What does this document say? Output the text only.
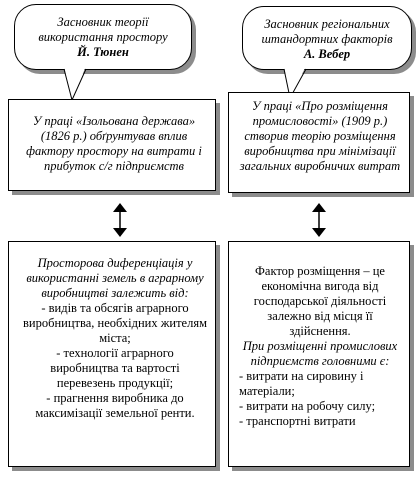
Засновник теорії використання простору
Й. Тюнен
Засновник регіональних штандортних факторів
А. Вебер
У праці «Ізольована держава» (1826 р.) обґрунтував вплив фактору простору на витрати і прибуток с/г підприємств
У праці «Про розміщення промисловості» (1909 р.) створив теорію розміщення виробництва при мінімізації загальних виробничих витрат
Просторова диференціація у використанні земель в аграрному виробництві залежить від:
- видів та обсягів аграрного виробництва, необхідних жителям міста;
- технології аграрного виробництва та вартості перевезень продукції;
- прагнення виробника до максимізації земельної ренти.
Фактор розміщення – це економічна вигода від господарської діяльності залежно від місця її здійснення.
При розміщенні промислових підприємств головними є:
- витрати на сировину і матеріали;
- витрати на робочу силу;
- транспортні витрати
